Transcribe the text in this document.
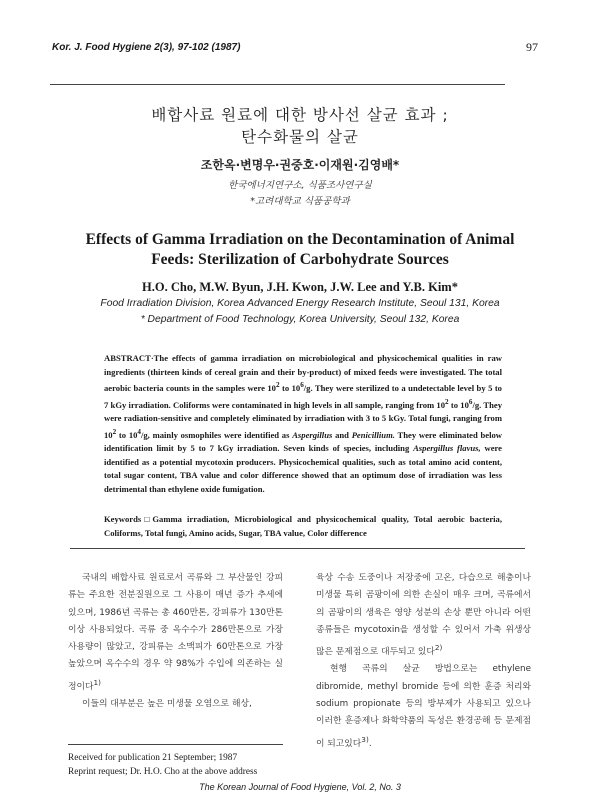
Kor. J. Food Hygiene 2(3), 97-102 (1987)	97
배합사료 원료에 대한 방사선 살균 효과 ;
탄수화물의 살균
조한옥·변명우·권중호·이재원·김영배*
한국에너지연구소, 식품조사연구실
*고려대학교 식품공학과
Effects of Gamma Irradiation on the Decontamination of Animal
Feeds: Sterilization of Carbohydrate Sources
H.O. Cho, M.W. Byun, J.H. Kwon, J.W. Lee and Y.B. Kim*
Food Irradiation Division, Korea Advanced Energy Research Institute, Seoul 131, Korea
* Department of Food Technology, Korea University, Seoul 132, Korea
ABSTRACT·The effects of gamma irradiation on microbiological and physicochemical qualities in raw ingredients (thirteen kinds of cereal grain and their by-product) of mixed feeds were investigated. The total aerobic bacteria counts in the samples were $10^2$ to $10^6/g$. They were sterilized to a undetectable level by 5 to 7 kGy irradiation. Coliforms were contaminated in high levels in all sample, ranging from $10^2$ to $10^6/g$. They were radiation-sensitive and completely eliminated by irradiation with 3 to 5 kGy. Total fungi, ranging from $10^2$ to $10^4/g$, mainly osmophiles were identified as Aspergillus and Penicillium. They were eliminated below identification limit by 5 to 7 kGy irradiation. Seven kinds of species, including Aspergillus flavus, were identified as a potential mycotoxin producers. Physicochemical qualities, such as total amino acid content, total sugar content, TBA value and color difference showed that an optimum dose of irradiation was less detrimental than ethylene oxide fumigation.
Keywords□Gamma irradiation, Microbiological and physicochemical quality, Total aerobic bacteria, Coliforms, Total fungi, Amino acids, Sugar, TBA value, Color difference

국내의 배합사료 원료로서 곡류와 그 부산물인 강피류는 주요한 전분질원으로 그 사용이 매년 증가 추세에 있으며, 1986년 곡류는 총 460만톤, 강피류가 130만톤 이상 사용되었다. 곡류 중 옥수수가 286만톤으로 가장 사용량이 많았고, 강피류는 소맥피가 60만톤으로 가장 높았으며 옥수수의 경우 약 98%가 수입에 의존하는 실정이다$^{1)}$

이들의 대부분은 높은 미생물 오염으로 해상,

육상 수송 도중이나 저장중에 고온, 다습으로 해충이나 미생물 특히 곰팡이에 의한 손실이 매우 크며, 곡류에서의 곰팡이의 생육은 영양 성분의 손상 뿐만 아니라 어떤 종류들은 mycotoxin을 생성할 수 있어서 가축 위생상 많은 문제점으로 대두되고 있다$^{2)}$

현행 곡류의 살균 방법으로는 ethylene dibromide, methyl bromide 등에 의한 훈증 처리와 sodium propionate 등의 방부제가 사용되고 있으나 이러한 훈증제나 화학약품의 독성은 환경공해 등 문제점이 되고있다$^{3)}$.

Received for publication 21 September; 1987
Reprint request; Dr. H.O. Cho at the above address
The Korean Journal of Food Hygiene, Vol. 2, No. 3
